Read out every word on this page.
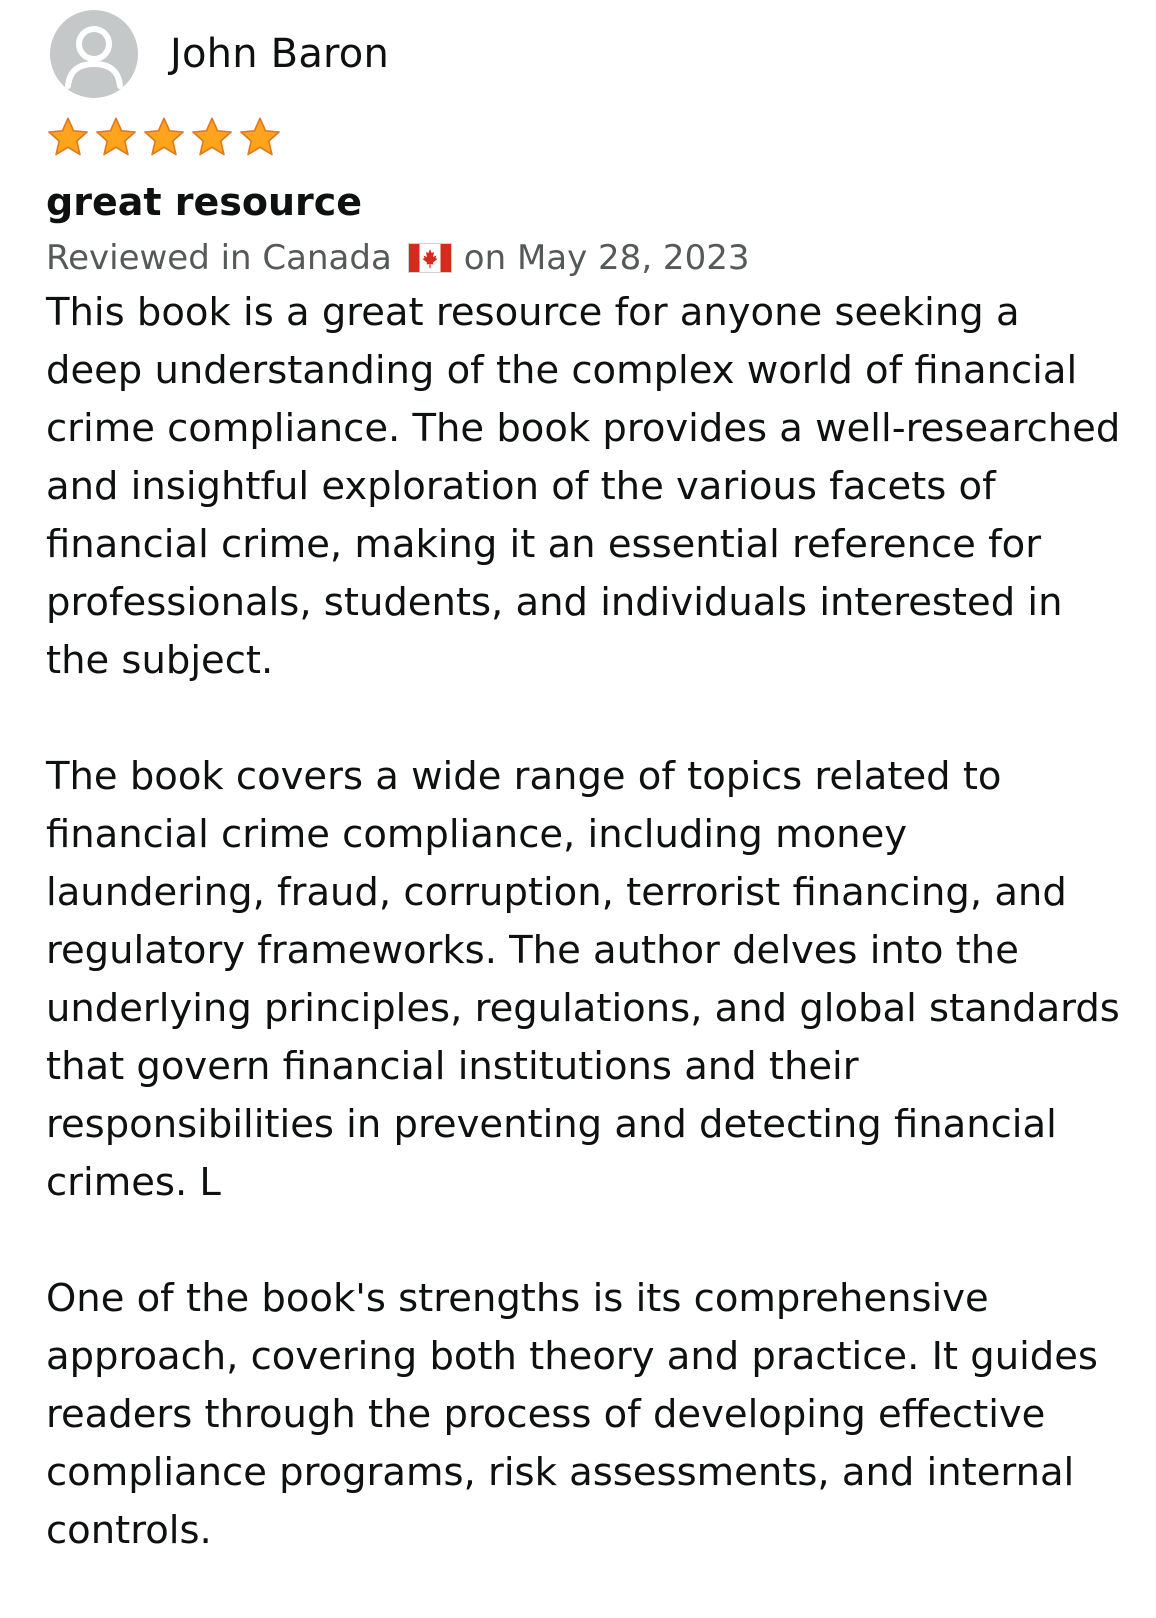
John Baron
great resource
Reviewed in Canada on May 28, 2023

This book is a great resource for anyone seeking a deep understanding of the complex world of financial crime compliance. The book provides a well-researched and insightful exploration of the various facets of financial crime, making it an essential reference for professionals, students, and individuals interested in the subject.

The book covers a wide range of topics related to financial crime compliance, including money laundering, fraud, corruption, terrorist financing, and regulatory frameworks. The author delves into the underlying principles, regulations, and global standards that govern financial institutions and their responsibilities in preventing and detecting financial crimes. L

One of the book's strengths is its comprehensive approach, covering both theory and practice. It guides readers through the process of developing effective compliance programs, risk assessments, and internal controls.
